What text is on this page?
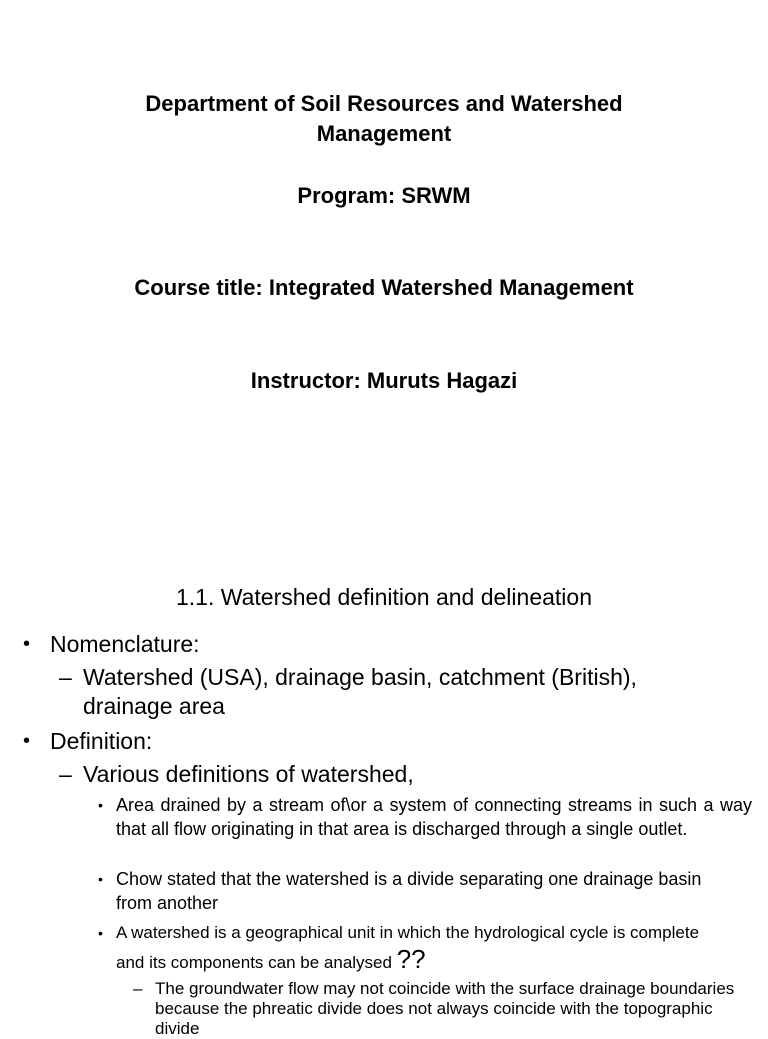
Department of Soil Resources and Watershed Management
Program: SRWM
Course title: Integrated Watershed Management
Instructor: Muruts Hagazi
1.1. Watershed definition and delineation
• Nomenclature:
– Watershed (USA), drainage basin, catchment (British), drainage area
• Definition:
– Various definitions of watershed,
• Area drained by a stream of\or a system of connecting streams in such a way that all flow originating in that area is discharged through a single outlet.
• Chow stated that the watershed is a divide separating one drainage basin from another
• A watershed is a geographical unit in which the hydrological cycle is complete and its components can be analysed ??
– The groundwater flow may not coincide with the surface drainage boundaries because the phreatic divide does not always coincide with the topographic divide
